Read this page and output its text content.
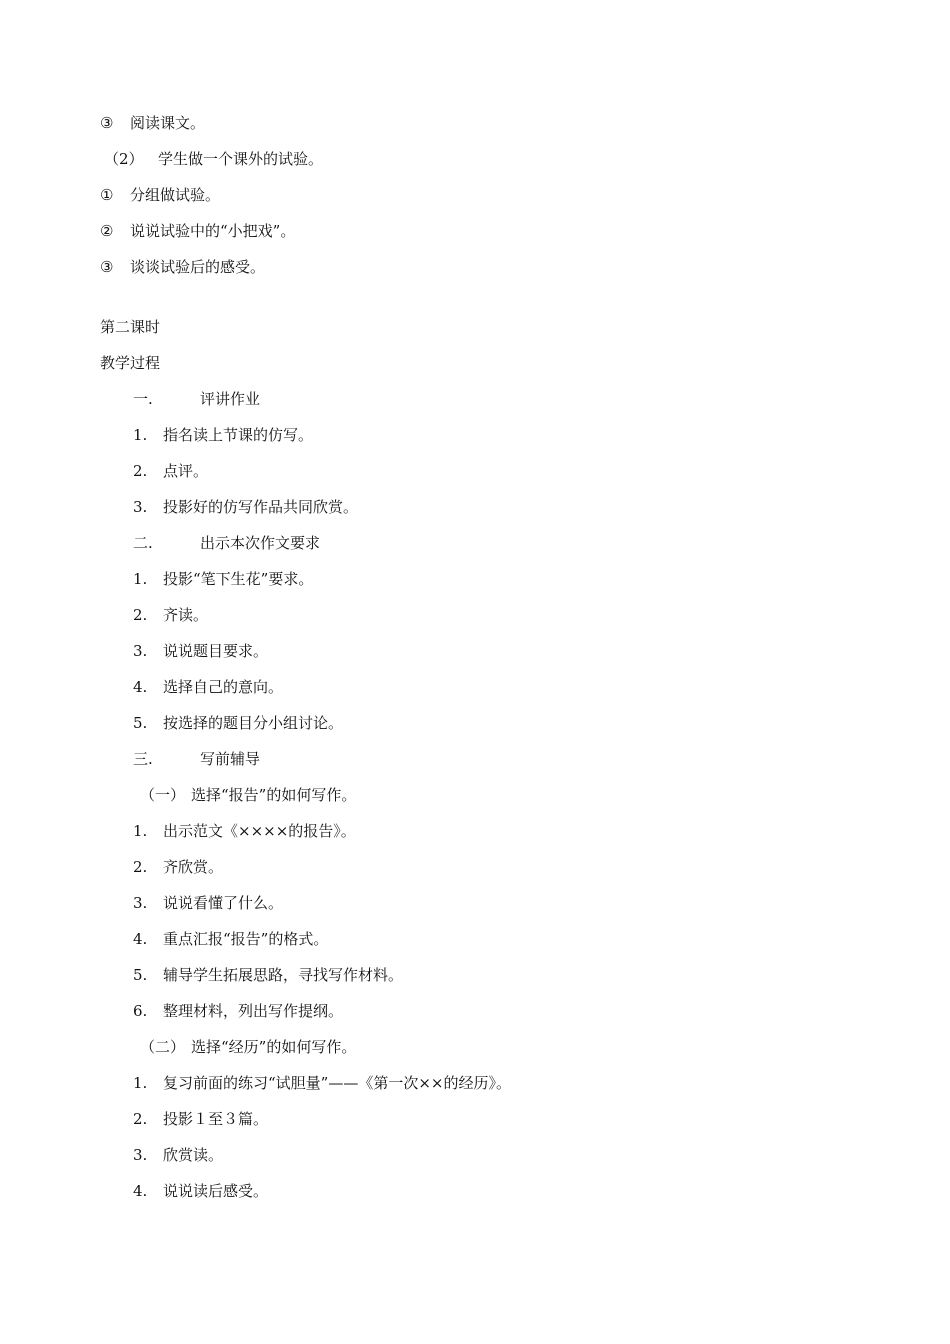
③ 阅读课文。
（2） 学生做一个课外的试验。
① 分组做试验。
② 说说试验中的“小把戏”。
③ 谈谈试验后的感受。
第二课时
教学过程
一.	评讲作业
1. 指名读上节课的仿写。
2. 点评。
3. 投影好的仿写作品共同欣赏。
二.	出示本次作文要求
1. 投影“笔下生花”要求。
2. 齐读。
3. 说说题目要求。
4. 选择自己的意向。
5. 按选择的题目分小组讨论。
三.	写前辅导
（一） 选择“报告”的如何写作。
1. 出示范文《××××的报告》。
2. 齐欣赏。
3. 说说看懂了什么。
4. 重点汇报“报告”的格式。
5. 辅导学生拓展思路，寻找写作材料。
6. 整理材料，列出写作提纲。
（二） 选择“经历”的如何写作。
1. 复习前面的练习“试胆量”——《第一次××的经历》。
2. 投影１至３篇。
3. 欣赏读。
4. 说说读后感受。
